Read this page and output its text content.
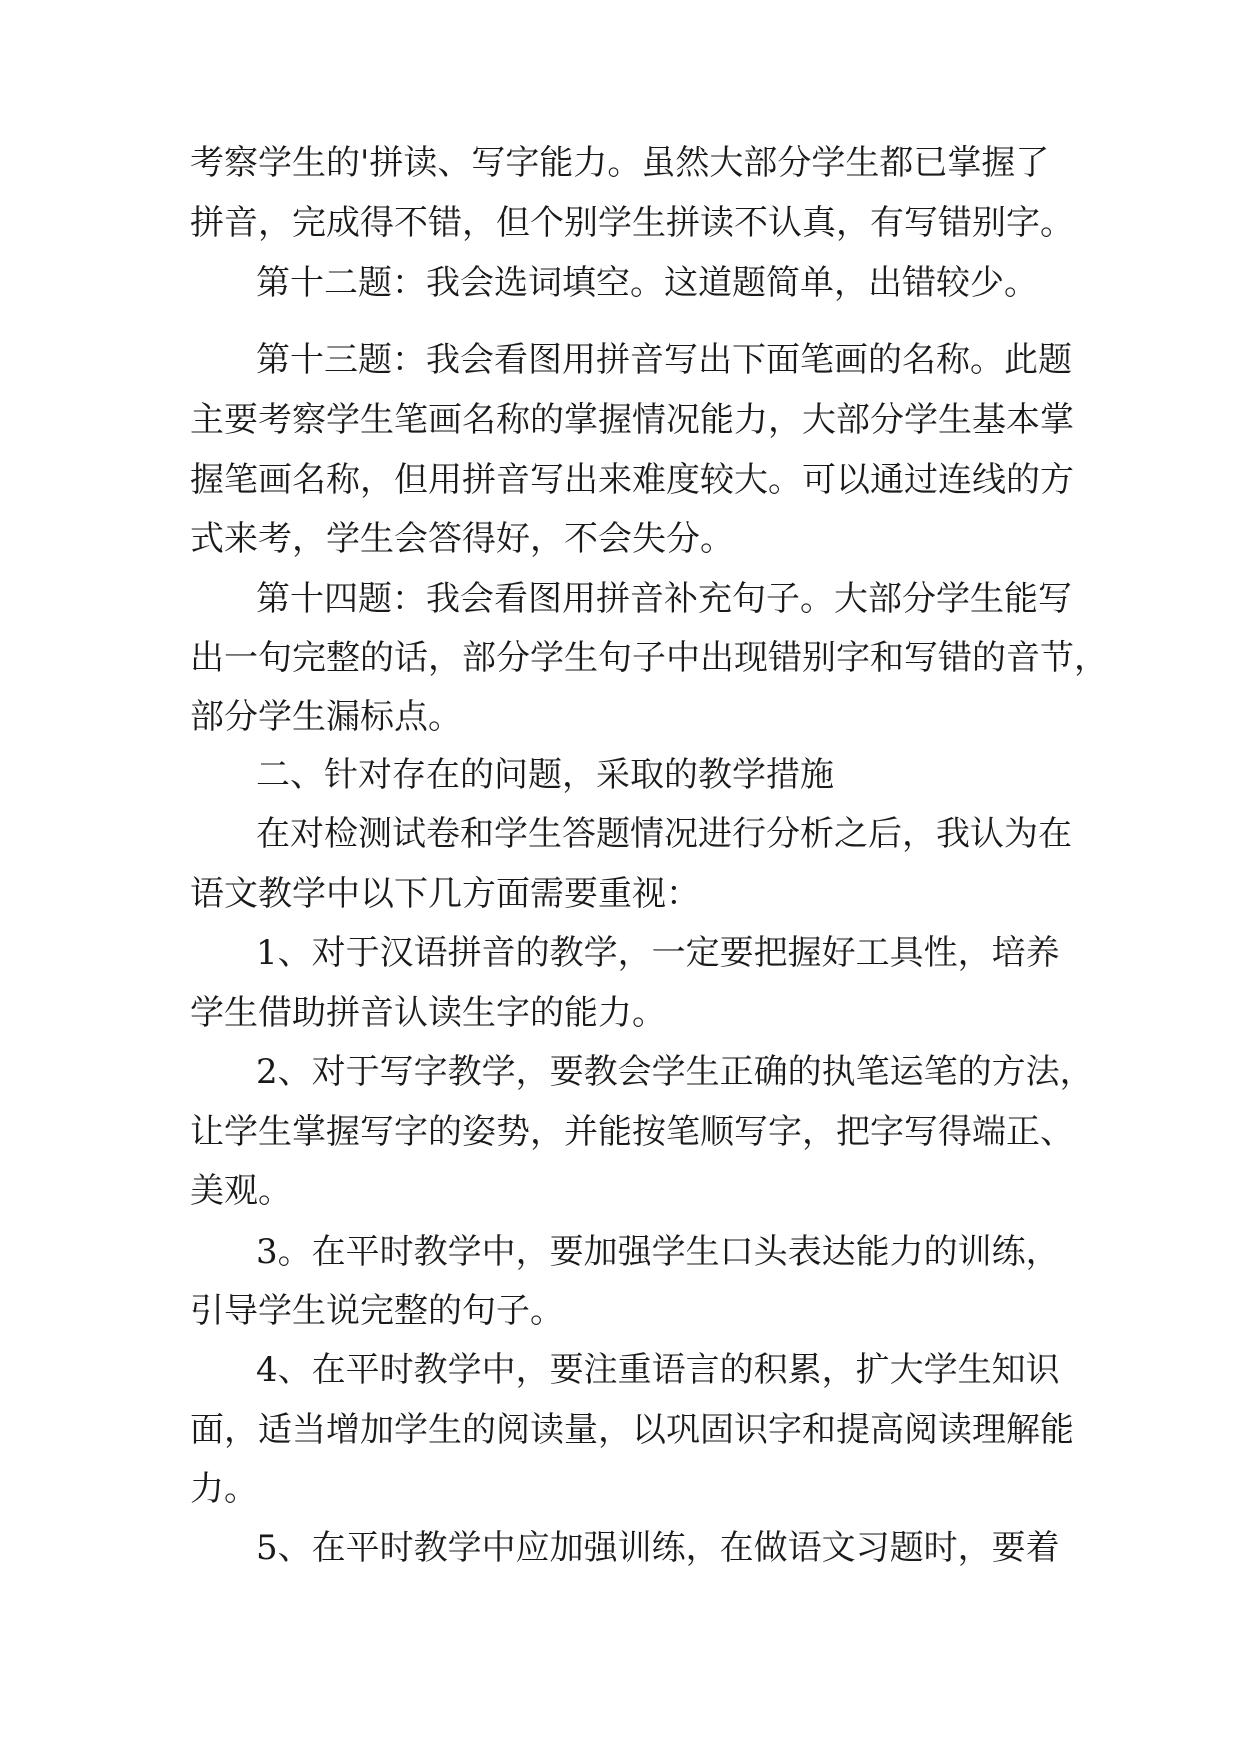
考察学生的'拼读、写字能力。虽然大部分学生都已掌握了
拼音，完成得不错，但个别学生拼读不认真，有写错别字。
第十二题：我会选词填空。这道题简单，出错较少。
第十三题：我会看图用拼音写出下面笔画的名称。此题
主要考察学生笔画名称的掌握情况能力，大部分学生基本掌
握笔画名称，但用拼音写出来难度较大。可以通过连线的方
式来考，学生会答得好，不会失分。
第十四题：我会看图用拼音补充句子。大部分学生能写
出一句完整的话，部分学生句子中出现错别字和写错的音节，
部分学生漏标点。
二、针对存在的问题，采取的教学措施
在对检测试卷和学生答题情况进行分析之后，我认为在
语文教学中以下几方面需要重视：
1、对于汉语拼音的教学，一定要把握好工具性，培养
学生借助拼音认读生字的能力。
2、对于写字教学，要教会学生正确的执笔运笔的方法，
让学生掌握写字的姿势，并能按笔顺写字，把字写得端正、
美观。
3。在平时教学中，要加强学生口头表达能力的训练，
引导学生说完整的句子。
4、在平时教学中，要注重语言的积累，扩大学生知识
面，适当增加学生的阅读量，以巩固识字和提高阅读理解能
力。
5、在平时教学中应加强训练，在做语文习题时，要着
